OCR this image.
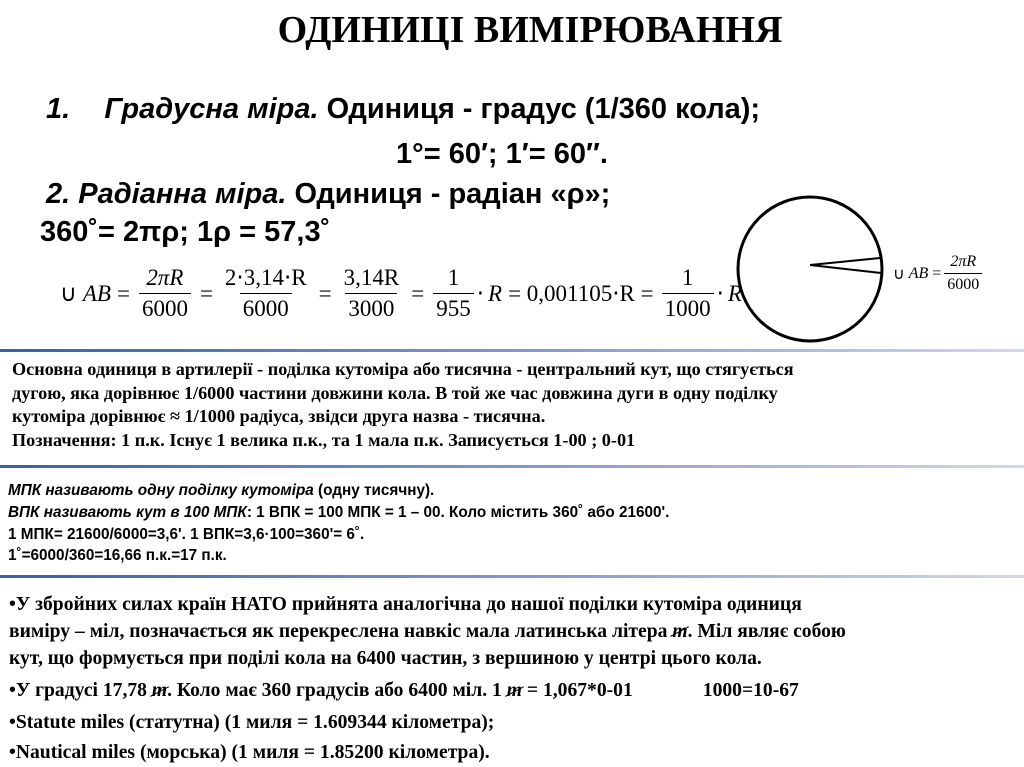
ОДИНИЦІ ВИМІРЮВАННЯ
1. Градусна міра. Одиниця - градус (1/360 кола);
1°= 60′; 1′= 60″.
2. Радіанна міра. Одиниця - радіан «ρ»;
360˚= 2πρ; 1ρ = 57,3˚
∪ AB = $\frac{2\pi R}{6000} = \frac{2\cdot 3,14\cdot R}{6000} = \frac{3,14R}{3000} = \frac{1}{955} \cdot R = 0,001105\cdot R = \frac{1}{1000} \cdot R$
∪ AB = $\frac{2\pi R}{6000}$
Основна одиниця в артилерії - поділка кутоміра або тисячна - центральний кут, що стягується
дугою, яка дорівнює 1/6000 частини довжини кола. В той же час довжина дуги в одну поділку
кутоміра дорівнює ≈ 1/1000 радіуса, звідси друга назва - тисячна.
Позначення: 1 п.к. Існує 1 велика п.к., та 1 мала п.к. Записується 1-00 ; 0-01
МПК називають одну поділку кутоміра (одну тисячну).
ВПК називають кут в 100 МПК: 1 ВПК = 100 МПК = 1 – 00. Коло містить 360˚ або 21600'.
1 МПК= 21600/6000=3,6'. 1 ВПК=3,6·100=360'= 6˚.
1˚=6000/360=16,66 п.к.=17 п.к.
•У збройних силах країн НАТО прийнята аналогічна до нашої поділки кутоміра одиниця
виміру – міл, позначається як перекреслена навкіс мала латинська літера m. Міл являє собою
кут, що формується при поділі кола на 6400 частин, з вершиною у центрі цього кола.
•У градусі 17,78 m. Коло має 360 градусів або 6400 міл. 1 m = 1,067*0-01	1000=10-67
•Statute miles (статутна) (1 миля = 1.609344 кілометра);
•Nautical miles (морська) (1 миля = 1.85200 кілометра).
